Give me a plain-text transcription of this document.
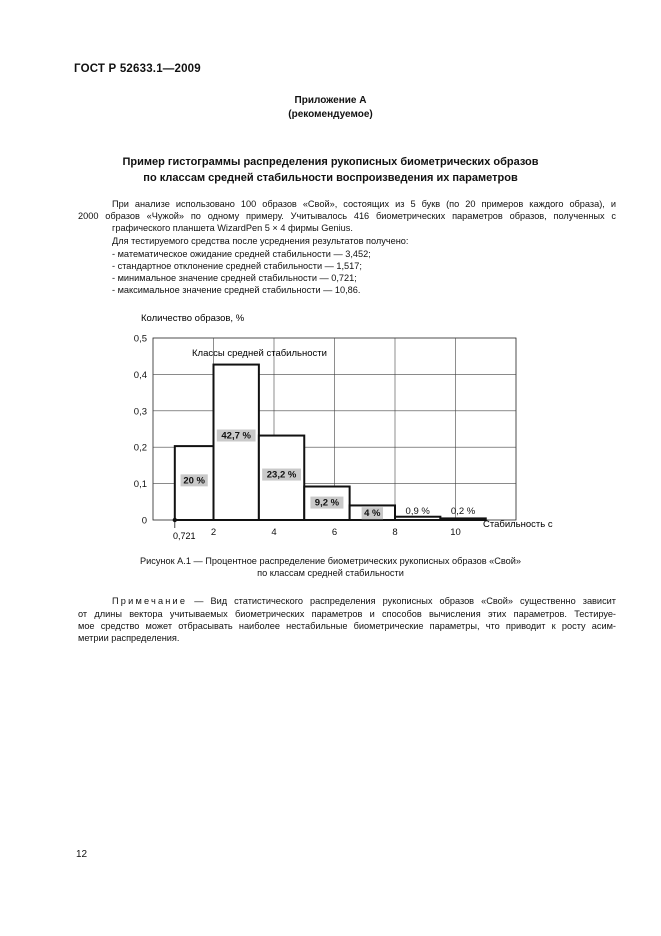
ГОСТ Р 52633.1—2009
Приложение А
(рекомендуемое)
Пример гистограммы распределения рукописных биометрических образов
по классам средней стабильности воспроизведения их параметров
При анализе использовано 100 образов «Свой», состоящих из 5 букв (по 20 примеров каждого образа), и
2000 образов «Чужой» по одному примеру. Учитывалось 416 биометрических параметров образов, полученных с
графического планшета WizardPen 5 × 4 фирмы Genius.
Для тестируемого средства после усреднения результатов получено:
- математическое ожидание средней стабильности — 3,452;
- стандартное отклонение средней стабильности — 1,517;
- минимальное значение средней стабильности — 0,721;
- максимальное значение средней стабильности — 10,86.
20 %
42,7 %
23,2 %
9,2 %
4 %	0,9 % 0,2 %
0
0,1
0,2
0,3
0,4
0,5
2	4	6	8	10
Количество образов, %
Классы средней стабильности
Стабильность c
0,721
Рисунок А.1 — Процентное распределение биометрических рукописных образов «Свой»
по классам средней стабильности
Примечание — Вид статистического распределения рукописных образов «Свой» существенно зависит
от длины вектора учитываемых биометрических параметров и способов вычисления этих параметров. Тестируе-
мое средство может отбрасывать наиболее нестабильные биометрические параметры, что приводит к росту асим-
метрии распределения.
12
